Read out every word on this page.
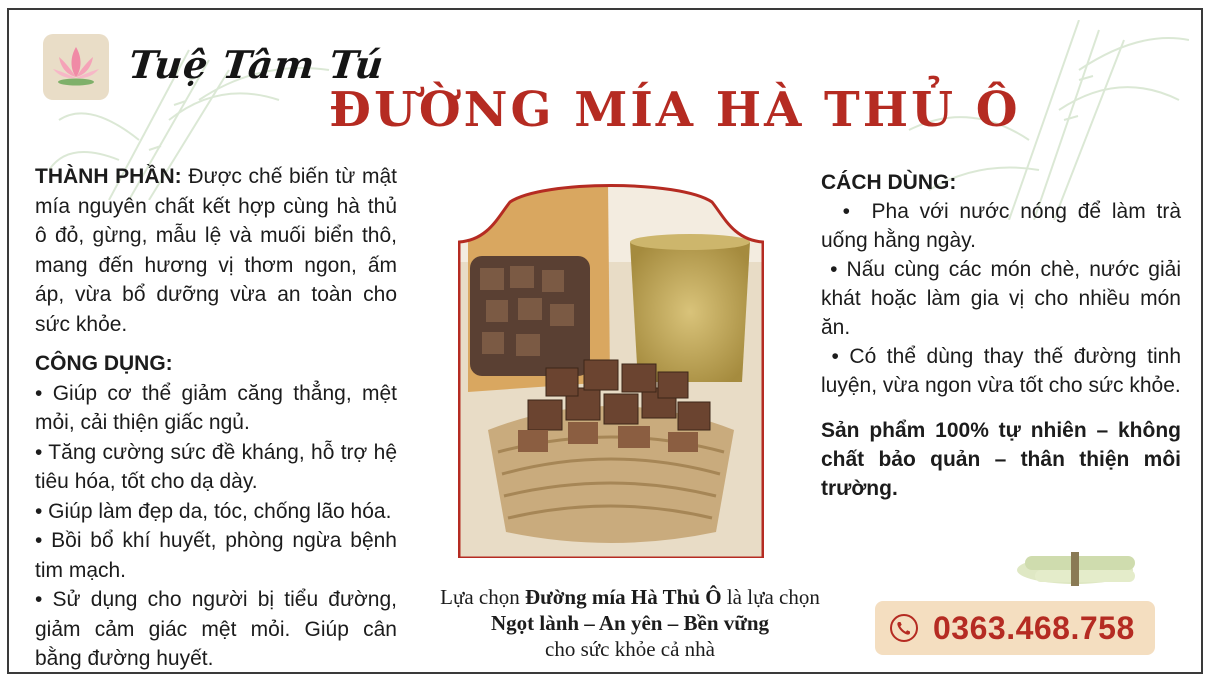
Tuệ Tâm Tú
ĐƯỜNG MÍA HÀ THỦ Ô

THÀNH PHẦN: Được chế biến từ mật mía nguyên chất kết hợp cùng hà thủ ô đỏ, gừng, mẫu lệ và muối biển thô, mang đến hương vị thơm ngon, ấm áp, vừa bổ dưỡng vừa an toàn cho sức khỏe.

CÔNG DỤNG:

• Giúp cơ thể giảm căng thẳng, mệt mỏi, cải thiện giấc ngủ.
• Tăng cường sức đề kháng, hỗ trợ hệ tiêu hóa, tốt cho dạ dày.
• Giúp làm đẹp da, tóc, chống lão hóa.
• Bồi bổ khí huyết, phòng ngừa bệnh tim mạch.
• Sử dụng cho người bị tiểu đường, giảm cảm giác mệt mỏi. Giúp cân bằng đường huyết.
Lựa chọn Đường mía Hà Thủ Ô là lựa chọn
Ngọt lành – An yên – Bền vững
cho sức khỏe cả nhà

CÁCH DÙNG:

•  Pha với nước nóng để làm trà uống hằng ngày.
• Nấu cùng các món chè, nước giải khát hoặc làm gia vị cho nhiều món ăn.
• Có thể dùng thay thế đường tinh luyện, vừa ngon vừa tốt cho sức khỏe.

Sản phẩm 100% tự nhiên – không chất bảo quản – thân thiện môi trường.

0363.468.758
